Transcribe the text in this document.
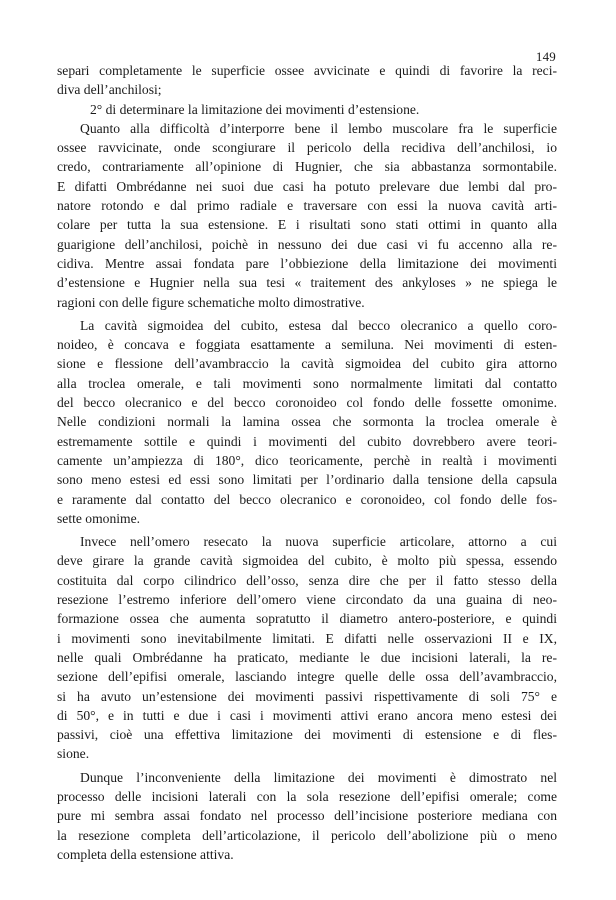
149
separi completamente le superficie ossee avvicinate e quindi di favorire la reci-
diva dell’anchilosi;
2° di determinare la limitazione dei movimenti d’estensione.
Quanto alla difficoltà d’interporre bene il lembo muscolare fra le superficie
ossee ravvicinate, onde scongiurare il pericolo della recidiva dell’anchilosi, io
credo, contrariamente all’opinione di Hugnier, che sia abbastanza sormontabile.
E difatti Ombrédanne nei suoi due casi ha potuto prelevare due lembi dal pro-
natore rotondo e dal primo radiale e traversare con essi la nuova cavità arti-
colare per tutta la sua estensione. E i risultati sono stati ottimi in quanto alla
guarigione dell’anchilosi, poichè in nessuno dei due casi vi fu accenno alla re-
cidiva. Mentre assai fondata pare l’obbiezione della limitazione dei movimenti
d’estensione e Hugnier nella sua tesi « traitement des ankyloses » ne spiega le
ragioni con delle figure schematiche molto dimostrative.
La cavità sigmoidea del cubito, estesa dal becco olecranico a quello coro-
noideo, è concava e foggiata esattamente a semiluna. Nei movimenti di esten-
sione e flessione dell’avambraccio la cavità sigmoidea del cubito gira attorno
alla troclea omerale, e tali movimenti sono normalmente limitati dal contatto
del becco olecranico e del becco coronoideo col fondo delle fossette omonime.
Nelle condizioni normali la lamina ossea che sormonta la troclea omerale è
estremamente sottile e quindi i movimenti del cubito dovrebbero avere teori-
camente un’ampiezza di 180°, dico teoricamente, perchè in realtà i movimenti
sono meno estesi ed essi sono limitati per l’ordinario dalla tensione della capsula
e raramente dal contatto del becco olecranico e coronoideo, col fondo delle fos-
sette omonime.
Invece nell’omero resecato la nuova superficie articolare, attorno a cui
deve girare la grande cavità sigmoidea del cubito, è molto più spessa, essendo
costituita dal corpo cilindrico dell’osso, senza dire che per il fatto stesso della
resezione l’estremo inferiore dell’omero viene circondato da una guaina di neo-
formazione ossea che aumenta sopratutto il diametro antero-posteriore, e quindi
i movimenti sono inevitabilmente limitati. E difatti nelle osservazioni II e IX,
nelle quali Ombrédanne ha praticato, mediante le due incisioni laterali, la re-
sezione dell’epifisi omerale, lasciando integre quelle delle ossa dell’avambraccio,
si ha avuto un’estensione dei movimenti passivi rispettivamente di soli 75° e
di 50°, e in tutti e due i casi i movimenti attivi erano ancora meno estesi dei
passivi, cioè una effettiva limitazione dei movimenti di estensione e di fles-
sione.
Dunque l’inconveniente della limitazione dei movimenti è dimostrato nel
processo delle incisioni laterali con la sola resezione dell’epifisi omerale; come
pure mi sembra assai fondato nel processo dell’incisione posteriore mediana con
la resezione completa dell’articolazione, il pericolo dell’abolizione più o meno
completa della estensione attiva.
